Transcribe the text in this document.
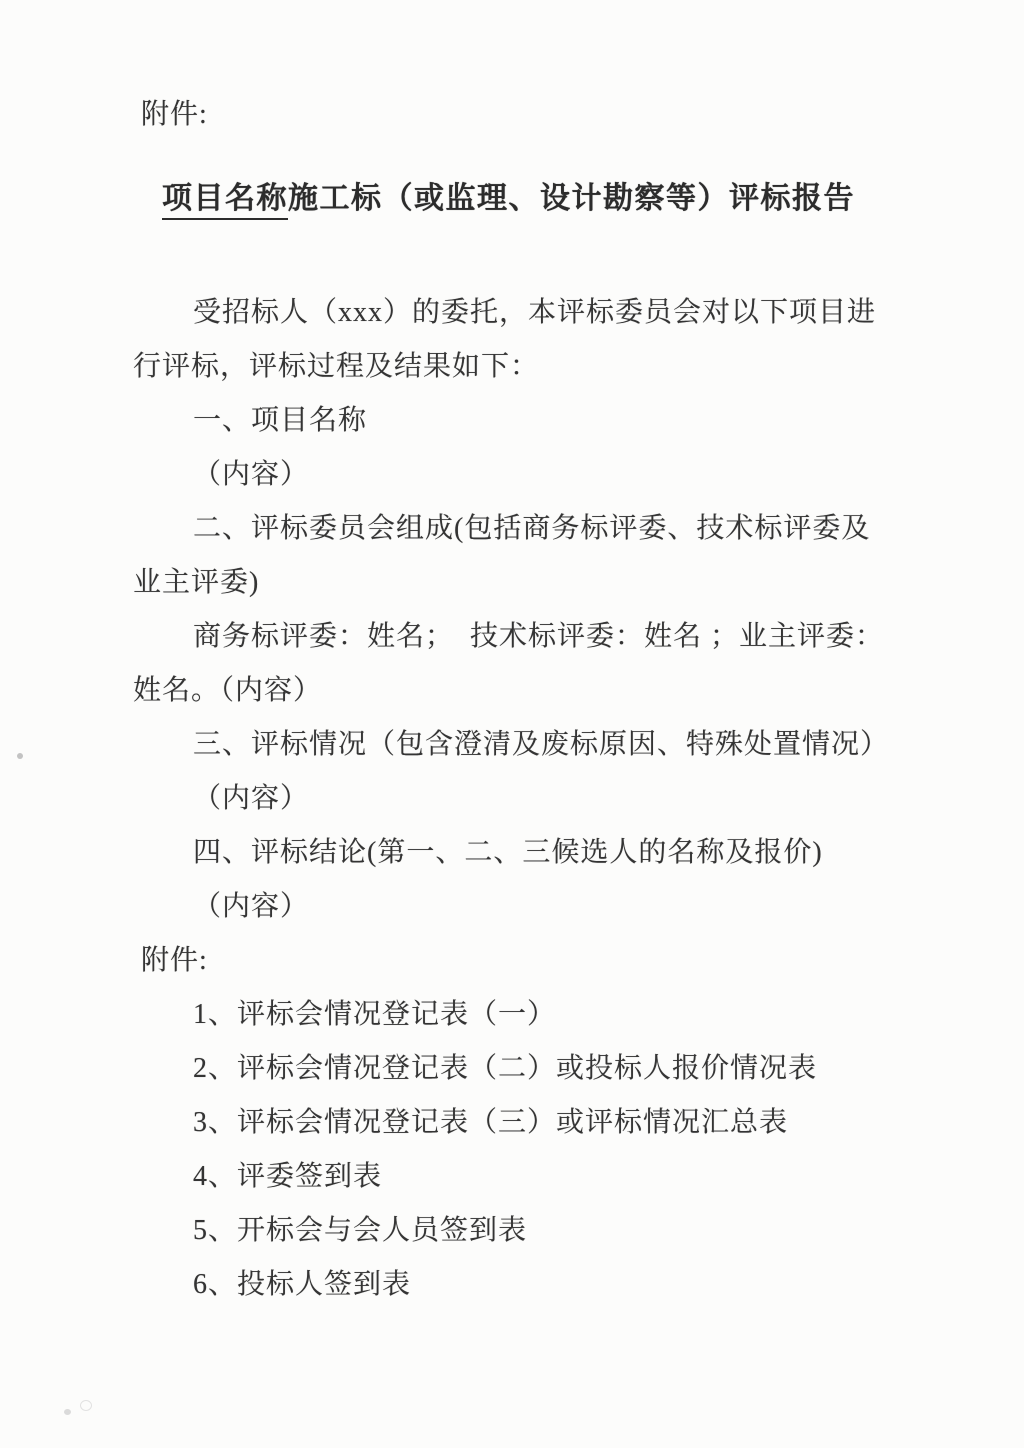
附件:
项目名称施工标（或监理、设计勘察等）评标报告
受招标人（xxx）的委托，本评标委员会对以下项目进
行评标，评标过程及结果如下：
一、项目名称
（内容）
二、评标委员会组成(包括商务标评委、技术标评委及
业主评委)
商务标评委：姓名；  技术标评委：姓名 ；业主评委：
姓名。（内容）
三、评标情况（包含澄清及废标原因、特殊处置情况）
（内容）
四、评标结论(第一、二、三候选人的名称及报价)
（内容）
附件:
1、评标会情况登记表（一）
2、评标会情况登记表（二）或投标人报价情况表
3、评标会情况登记表（三）或评标情况汇总表
4、评委签到表
5、开标会与会人员签到表
6、投标人签到表
